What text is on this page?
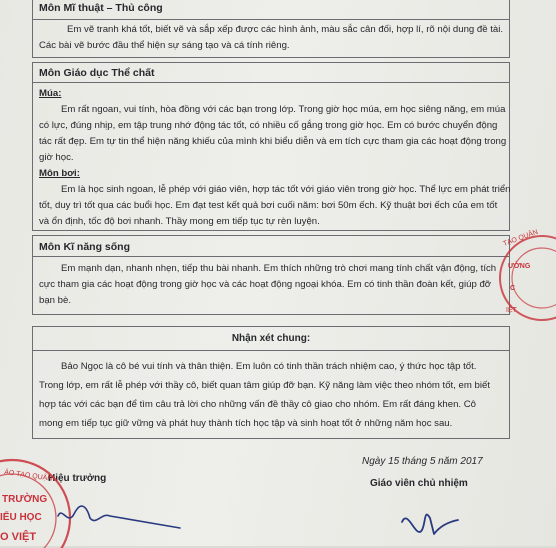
Môn Mĩ thuật – Thủ công
Em vẽ tranh khá tốt, biết vẽ và sắp xếp được các hình ảnh, màu sắc cân đối, hợp lí, rõ nội dung đề tài.
Các bài vẽ bước đầu thể hiện sự sáng tạo và cá tính riêng.
Môn Giáo dục Thể chất
Múa:
Em rất ngoan, vui tính, hòa đồng với các bạn trong lớp. Trong giờ học múa, em học siêng năng, em múa
có lực, đúng nhịp, em tập trung nhớ động tác tốt, có nhiều cố gắng trong giờ học. Em có bước chuyển động
tác rất đẹp. Em tự tin thể hiện năng khiếu của mình khi biểu diễn và em tích cực tham gia các hoạt động trong
giờ học.
Môn bơi:
Em là học sinh ngoan, lễ phép với giáo viên, hợp tác tốt với giáo viên trong giờ học. Thể lực em phát triển
tốt, duy trì tốt qua các buổi học. Em đạt test kết quả bơi cuối năm: bơi 50m ếch. Kỹ thuật bơi ếch của em tốt
và ổn định, tốc độ bơi nhanh. Thầy mong em tiếp tục tự rèn luyện.
Môn Kĩ năng sống
Em mạnh dạn, nhanh nhẹn, tiếp thu bài nhanh. Em thích những trò chơi mang tính chất vận động, tích
cực tham gia các hoạt động trong giờ học và các hoạt động ngoại khóa. Em có tinh thần đoàn kết, giúp đỡ
bạn bè.
Nhận xét chung:
Bảo Ngọc là cô bé vui tính và thân thiện. Em luôn có tinh thần trách nhiệm cao, ý thức học tập tốt.
Trong lớp, em rất lễ phép với thầy cô, biết quan tâm giúp đỡ bạn. Kỹ năng làm việc theo nhóm tốt, em biết
hợp tác với các bạn để tìm câu trả lời cho những vấn đề thầy cô giao cho nhóm. Em rất đáng khen. Cô
mong em tiếp tục giữ vững và phát huy thành tích học tập và sinh hoạt tốt ở những năm học sau.
Ngày 15 tháng 5 năm 2017
Hiệu trưởng	Giáo viên chủ nhiệm
TẠO QUẬN
ƯỜNG
C
IỆT
ÀO TẠO QUẬN
TRƯỜNG
IỂU HỌC
O VIỆT
